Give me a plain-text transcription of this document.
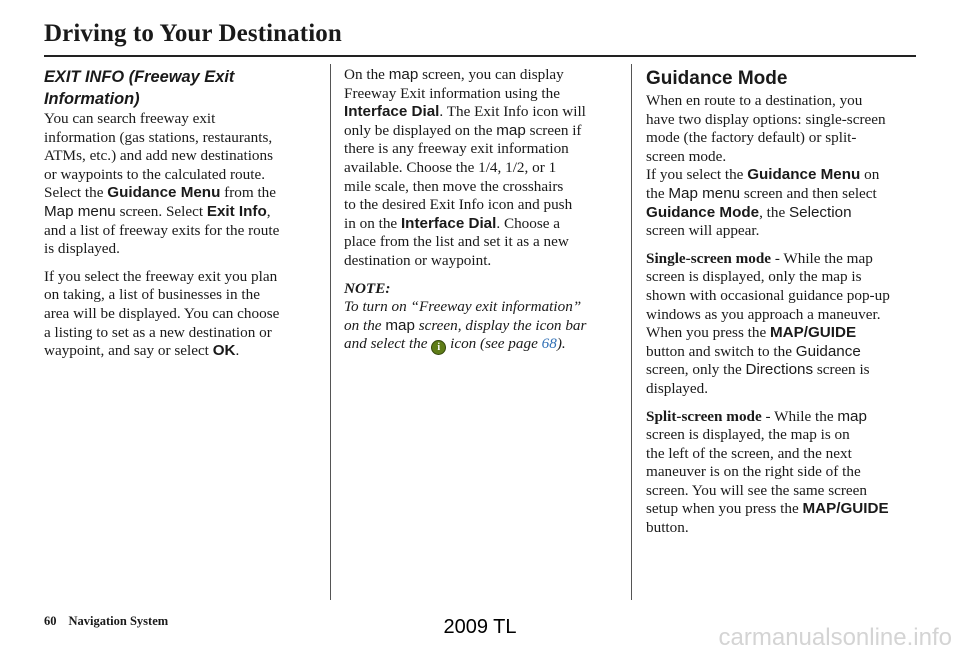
Driving to Your Destination
EXIT INFO (Freeway Exit
Information)
You can search freeway exit
information (gas stations, restaurants,
ATMs, etc.) and add new destinations
or waypoints to the calculated route.
Select the Guidance Menu from the
Map menu screen. Select Exit Info,
and a list of freeway exits for the route
is displayed.
If you select the freeway exit you plan
on taking, a list of businesses in the
area will be displayed. You can choose
a listing to set as a new destination or
waypoint, and say or select OK.
On the map screen, you can display
Freeway Exit information using the
Interface Dial. The Exit Info icon will
only be displayed on the map screen if
there is any freeway exit information
available. Choose the 1/4, 1/2, or 1
mile scale, then move the crosshairs
to the desired Exit Info icon and push
in on the Interface Dial. Choose a
place from the list and set it as a new
destination or waypoint.
NOTE:
To turn on “Freeway exit information”
on the map screen, display the icon bar
and select the i icon (see page 68).
Guidance Mode
When en route to a destination, you
have two display options: single-screen
mode (the factory default) or split-
screen mode.
If you select the Guidance Menu on
the Map menu screen and then select
Guidance Mode, the Selection
screen will appear.
Single-screen mode - While the map
screen is displayed, only the map is
shown with occasional guidance pop-up
windows as you approach a maneuver.
When you press the MAP/GUIDE
button and switch to the Guidance
screen, only the Directions screen is
displayed.
Split-screen mode - While the map
screen is displayed, the map is on
the left of the screen, and the next
maneuver is on the right side of the
screen. You will see the same screen
setup when you press the MAP/GUIDE
button.
60 Navigation System	2009 TL	carmanualsonline.info
